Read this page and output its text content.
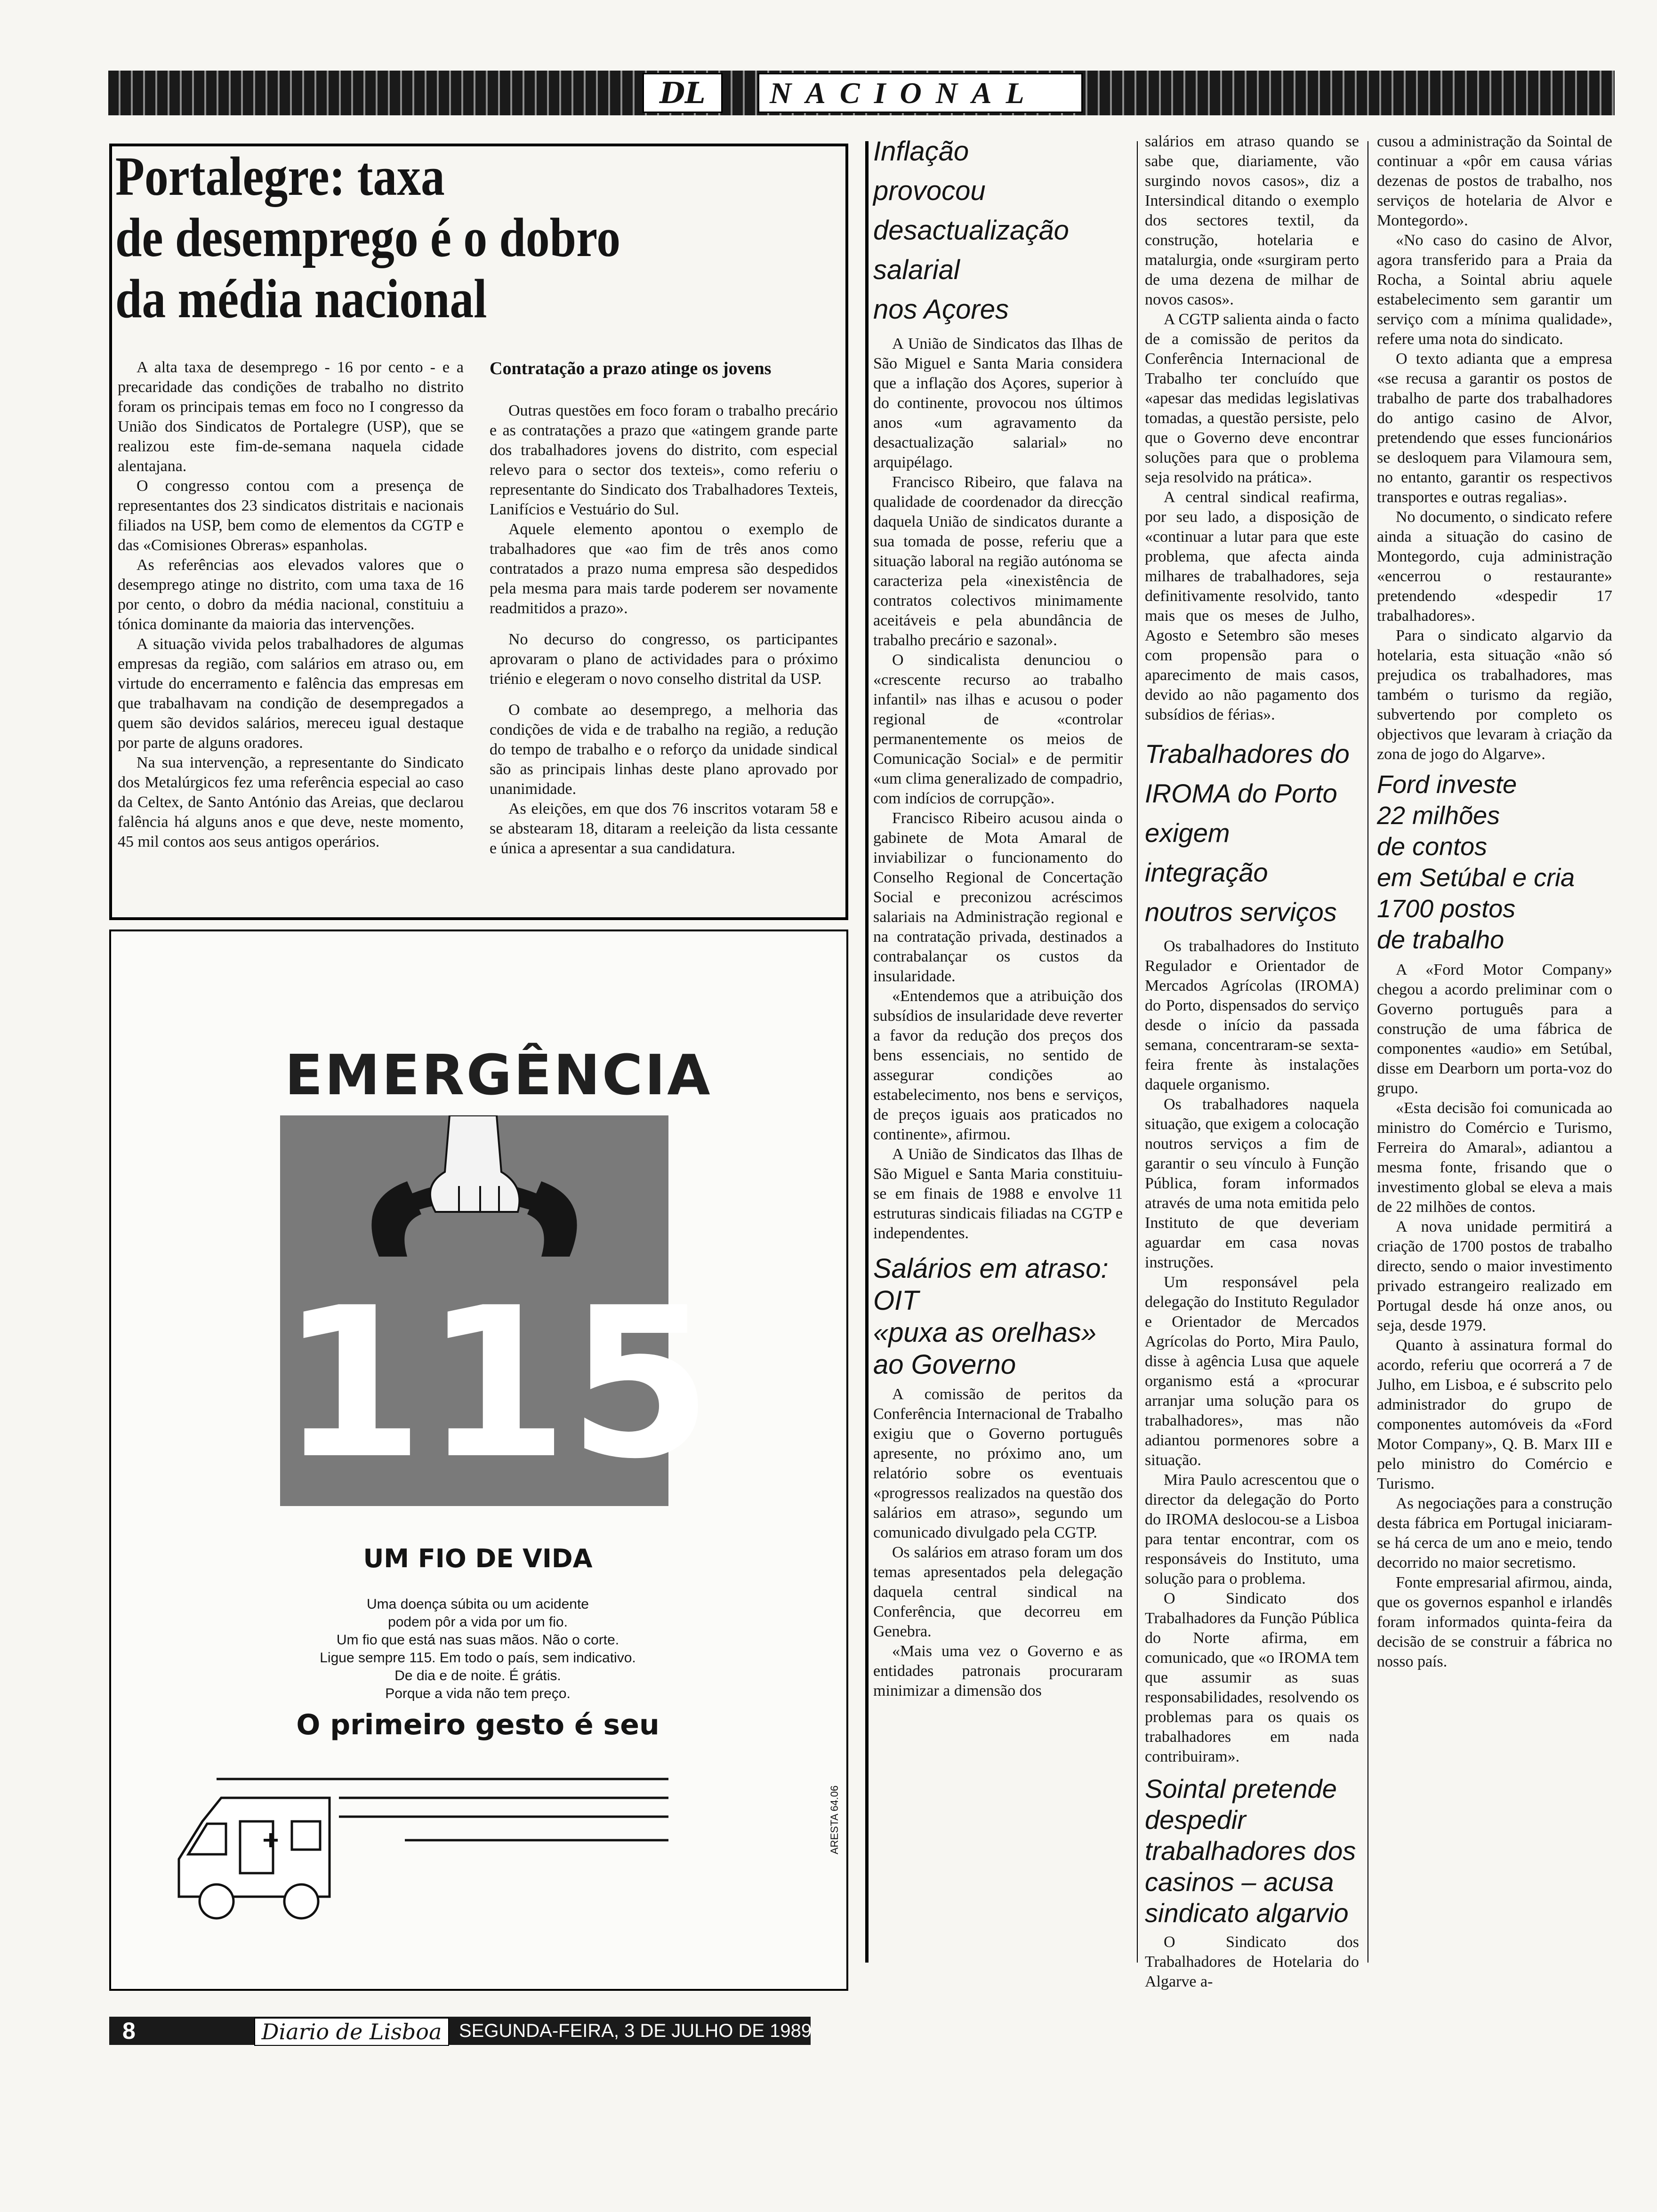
DL	NACIONAL
Portalegre: taxa
de desemprego é o dobro
da média nacional

A alta taxa de desemprego - 16 por cento - e a precaridade das condições de trabalho no distrito foram os principais temas em foco no I congresso da União dos Sindicatos de Portalegre (USP), que se realizou este fim-de-semana naquela cidade alentajana.

O congresso contou com a presença de representantes dos 23 sindicatos distritais e nacionais filiados na USP, bem como de elementos da CGTP e das «Comisiones Obreras» espanholas.

As referências aos elevados valores que o desemprego atinge no distrito, com uma taxa de 16 por cento, o dobro da média nacional, constituiu a tónica dominante da maioria das intervenções.

A situação vivida pelos trabalhadores de algumas empresas da região, com salários em atraso ou, em virtude do encerramento e falência das empresas em que trabalhavam na condição de desempregados a quem são devidos salários, mereceu igual destaque por parte de alguns oradores.

Na sua intervenção, a representante do Sindicato dos Metalúrgicos fez uma referência especial ao caso da Celtex, de Santo António das Areias, que declarou falência há alguns anos e que deve, neste momento, 45 mil contos aos seus antigos operários.

Contratação a prazo atinge os jovens

Outras questões em foco foram o trabalho precário e as contratações a prazo que «atingem grande parte dos trabalhadores jovens do distrito, com especial relevo para o sector dos texteis», como referiu o representante do Sindicato dos Trabalhadores Texteis, Lanifícios e Vestuário do Sul.

Aquele elemento apontou o exemplo de trabalhadores que «ao fim de três anos como contratados a prazo numa empresa são despedidos pela mesma para mais tarde poderem ser novamente readmitidos a prazo».

No decurso do congresso, os participantes aprovaram o plano de actividades para o próximo triénio e elegeram o novo conselho distrital da USP.

O combate ao desemprego, a melhoria das condições de vida e de trabalho na região, a redução do tempo de trabalho e o reforço da unidade sindical são as principais linhas deste plano aprovado por unanimidade.

As eleições, em que dos 76 inscritos votaram 58 e se abstearam 18, ditaram a reeleição da lista cessante e única a apresentar a sua candidatura.

EMERGÊNCIA
115
UM FIO DE VIDA
Uma doença súbita ou um acidente
podem pôr a vida por um fio.
Um fio que está nas suas mãos. Não o corte.
Ligue sempre 115. Em todo o país, sem indicativo.
De dia e de noite. É grátis.
Porque a vida não tem preço.
O primeiro gesto é seu
ARESTA 64.06
Inflação
provocou
desactualização
salarial
nos Açores

A União de Sindicatos das Ilhas de São Miguel e Santa Maria considera que a inflação dos Açores, superior à do continente, provocou nos últimos anos «um agravamento da desactualização salarial» no arquipélago.

Francisco Ribeiro, que falava na qualidade de coordenador da direcção daquela União de sindicatos durante a sua tomada de posse, referiu que a situação laboral na região autónoma se caracteriza pela «inexistência de contratos colectivos minimamente aceitáveis e pela abundância de trabalho precário e sazonal».

O sindicalista denunciou o «crescente recurso ao trabalho infantil» nas ilhas e acusou o poder regional de «controlar permanentemente os meios de Comunicação Social» e de permitir «um clima generalizado de compadrio, com indícios de corrupção».

Francisco Ribeiro acusou ainda o gabinete de Mota Amaral de inviabilizar o funcionamento do Conselho Regional de Concertação Social e preconizou acréscimos salariais na Administração regional e na contratação privada, destinados a contrabalançar os custos da insularidade.

«Entendemos que a atribuição dos subsídios de insularidade deve reverter a favor da redução dos preços dos bens essenciais, no sentido de assegurar condições ao estabelecimento, nos bens e serviços, de preços iguais aos praticados no continente», afirmou.

A União de Sindicatos das Ilhas de São Miguel e Santa Maria constituiu-se em finais de 1988 e envolve 11 estruturas sindicais filiadas na CGTP e independentes.

Salários em atraso:
OIT
«puxa as orelhas»
ao Governo

A comissão de peritos da Conferência Internacional de Trabalho exigiu que o Governo português apresente, no próximo ano, um relatório sobre os eventuais «progressos realizados na questão dos salários em atraso», segundo um comunicado divulgado pela CGTP.

Os salários em atraso foram um dos temas apresentados pela delegação daquela central sindical na Conferência, que decorreu em Genebra.

«Mais uma vez o Governo e as entidades patronais procuraram minimizar a dimensão dos

salários em atraso quando se sabe que, diariamente, vão surgindo novos casos», diz a Intersindical ditando o exemplo dos sectores textil, da construção, hotelaria e matalurgia, onde «surgiram perto de uma dezena de milhar de novos casos».

A CGTP salienta ainda o facto de a comissão de peritos da Conferência Internacional de Trabalho ter concluído que «apesar das medidas legislativas tomadas, a questão persiste, pelo que o Governo deve encontrar soluções para que o problema seja resolvido na prática».

A central sindical reafirma, por seu lado, a disposição de «continuar a lutar para que este problema, que afecta ainda milhares de trabalhadores, seja definitivamente resolvido, tanto mais que os meses de Julho, Agosto e Setembro são meses com propensão para o aparecimento de mais casos, devido ao não pagamento dos subsídios de férias».

Trabalhadores do
IROMA do Porto
exigem integração
noutros serviços

Os trabalhadores do Instituto Regulador e Orientador de Mercados Agrícolas (IROMA) do Porto, dispensados do serviço desde o início da passada semana, concentraram-se sexta-feira frente às instalações daquele organismo.

Os trabalhadores naquela situação, que exigem a colocação noutros serviços a fim de garantir o seu vínculo à Função Pública, foram informados através de uma nota emitida pelo Instituto de que deveriam aguardar em casa novas instruções.

Um responsável pela delegação do Instituto Regulador e Orientador de Mercados Agrícolas do Porto, Mira Paulo, disse à agência Lusa que aquele organismo está a «procurar arranjar uma solução para os trabalhadores», mas não adiantou pormenores sobre a situação.

Mira Paulo acrescentou que o director da delegação do Porto do IROMA deslocou-se a Lisboa para tentar encontrar, com os responsáveis do Instituto, uma solução para o problema.

O Sindicato dos Trabalhadores da Função Pública do Norte afirma, em comunicado, que «o IROMA tem que assumir as suas responsabilidades, resolvendo os problemas para os quais os trabalhadores em nada contribuiram».

Sointal pretende
despedir
trabalhadores dos
casinos – acusa
sindicato algarvio

O Sindicato dos Trabalhadores de Hotelaria do Algarve a-

cusou a administração da Sointal de continuar a «pôr em causa várias dezenas de postos de trabalho, nos serviços de hotelaria de Alvor e Montegordo».

«No caso do casino de Alvor, agora transferido para a Praia da Rocha, a Sointal abriu aquele estabelecimento sem garantir um serviço com a mínima qualidade», refere uma nota do sindicato.

O texto adianta que a empresa «se recusa a garantir os postos de trabalho de parte dos trabalhadores do antigo casino de Alvor, pretendendo que esses funcionários se desloquem para Vilamoura sem, no entanto, garantir os respectivos transportes e outras regalias».

No documento, o sindicato refere ainda a situação do casino de Montegordo, cuja administração «encerrou o restaurante» pretendendo «despedir 17 trabalhadores».

Para o sindicato algarvio da hotelaria, esta situação «não só prejudica os trabalhadores, mas também o turismo da região, subvertendo por completo os objectivos que levaram à criação da zona de jogo do Algarve».

Ford investe
22 milhões
de contos
em Setúbal e cria
1700 postos
de trabalho

A «Ford Motor Company» chegou a acordo preliminar com o Governo português para a construção de uma fábrica de componentes «audio» em Setúbal, disse em Dearborn um porta-voz do grupo.

«Esta decisão foi comunicada ao ministro do Comércio e Turismo, Ferreira do Amaral», adiantou a mesma fonte, frisando que o investimento global se eleva a mais de 22 milhões de contos.

A nova unidade permitirá a criação de 1700 postos de trabalho directo, sendo o maior investimento privado estrangeiro realizado em Portugal desde há onze anos, ou seja, desde 1979.

Quanto à assinatura formal do acordo, referiu que ocorrerá a 7 de Julho, em Lisboa, e é subscrito pelo administrador do grupo de componentes automóveis da «Ford Motor Company», Q. B. Marx III e pelo ministro do Comércio e Turismo.

As negociações para a construção desta fábrica em Portugal iniciaram-se há cerca de um ano e meio, tendo decorrido no maior secretismo.

Fonte empresarial afirmou, ainda, que os governos espanhol e irlandês foram informados quinta-feira da decisão de se construir a fábrica no nosso país.

8	Diario de Lisboa SEGUNDA-FEIRA, 3 DE JULHO DE 1989
